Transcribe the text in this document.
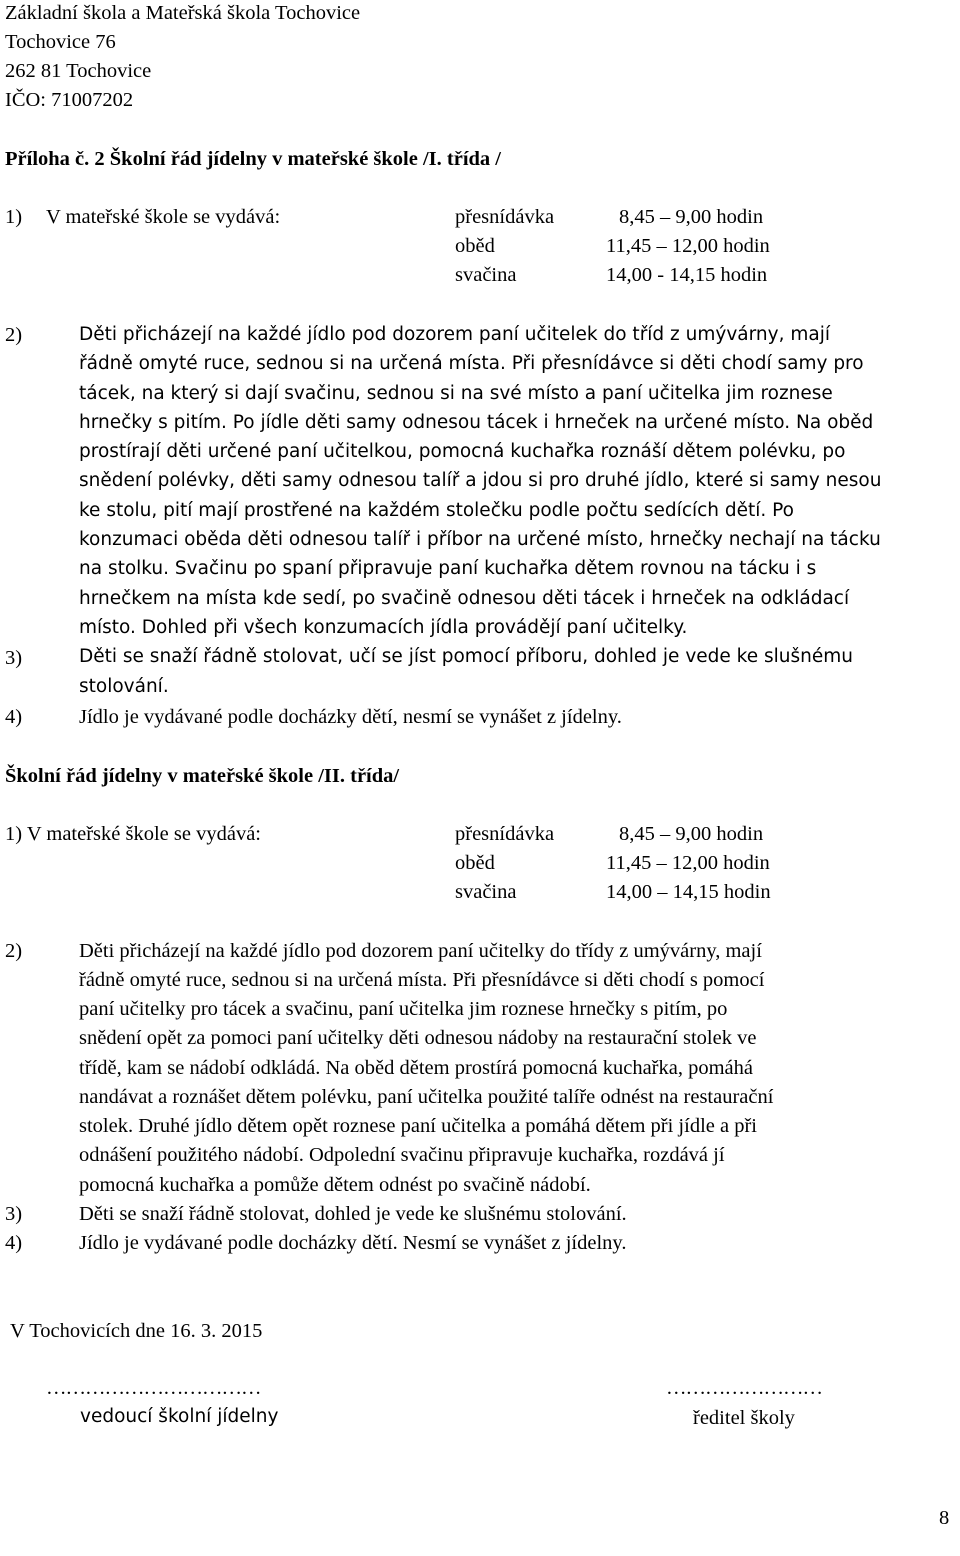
Základní škola a Mateřská škola Tochovice
Tochovice 76
262 81 Tochovice
IČO: 71007202
Příloha č. 2 Školní řád jídelny v mateřské škole /I. třída /
1) V mateřské škole se vydává:	přesnídávka	8,45 – 9,00 hodin
oběd	11,45 – 12,00 hodin
svačina	14,00 - 14,15 hodin
2)	Děti přicházejí na každé jídlo pod dozorem paní učitelek do tříd z umývárny, mají
řádně omyté ruce, sednou si na určená místa. Při přesnídávce si děti chodí samy pro
tácek, na který si dají svačinu, sednou si na své místo a paní učitelka jim roznese
hrnečky s pitím. Po jídle děti samy odnesou tácek i hrneček na určené místo. Na oběd
prostírají děti určené paní učitelkou, pomocná kuchařka roznáší dětem polévku, po
snědení polévky, děti samy odnesou talíř a jdou si pro druhé jídlo, které si samy nesou
ke stolu, pití mají prostřené na každém stolečku podle počtu sedících dětí. Po
konzumaci oběda děti odnesou talíř i příbor na určené místo, hrnečky nechají na tácku
na stolku. Svačinu po spaní připravuje paní kuchařka dětem rovnou na tácku i s
hrnečkem na místa kde sedí, po svačině odnesou děti tácek i hrneček na odkládací
místo. Dohled při všech konzumacích jídla provádějí paní učitelky.
3)	Děti se snaží řádně stolovat, učí se jíst pomocí příboru, dohled je vede ke slušnému
stolování.
4)	Jídlo je vydávané podle docházky dětí, nesmí se vynášet z jídelny.
Školní řád jídelny v mateřské škole /II. třída/
1) V mateřské škole se vydává:	přesnídávka	8,45 – 9,00 hodin
oběd	11,45 – 12,00 hodin
svačina	14,00 – 14,15 hodin
2)	Děti přicházejí na každé jídlo pod dozorem paní učitelky do třídy z umývárny, mají
řádně omyté ruce, sednou si na určená místa. Při přesnídávce si děti chodí s pomocí
paní učitelky pro tácek a svačinu, paní učitelka jim roznese hrnečky s pitím, po
snědení opět za pomoci paní učitelky děti odnesou nádoby na restaurační stolek ve
třídě, kam se nádobí odkládá. Na oběd dětem prostírá pomocná kuchařka, pomáhá
nandávat a roznášet dětem polévku, paní učitelka použité talíře odnést na restaurační
stolek. Druhé jídlo dětem opět roznese paní učitelka a pomáhá dětem při jídle a při
odnášení použitého nádobí. Odpolední svačinu připravuje kuchařka, rozdává jí
pomocná kuchařka a pomůže dětem odnést po svačině nádobí.
3)	Děti se snaží řádně stolovat, dohled je vede ke slušnému stolování.
4)	Jídlo je vydávané podle docházky dětí. Nesmí se vynášet z jídelny.
V Tochovicích dne 16. 3. 2015
……………………………
vedoucí školní jídelny
……………………
ředitel školy
8
